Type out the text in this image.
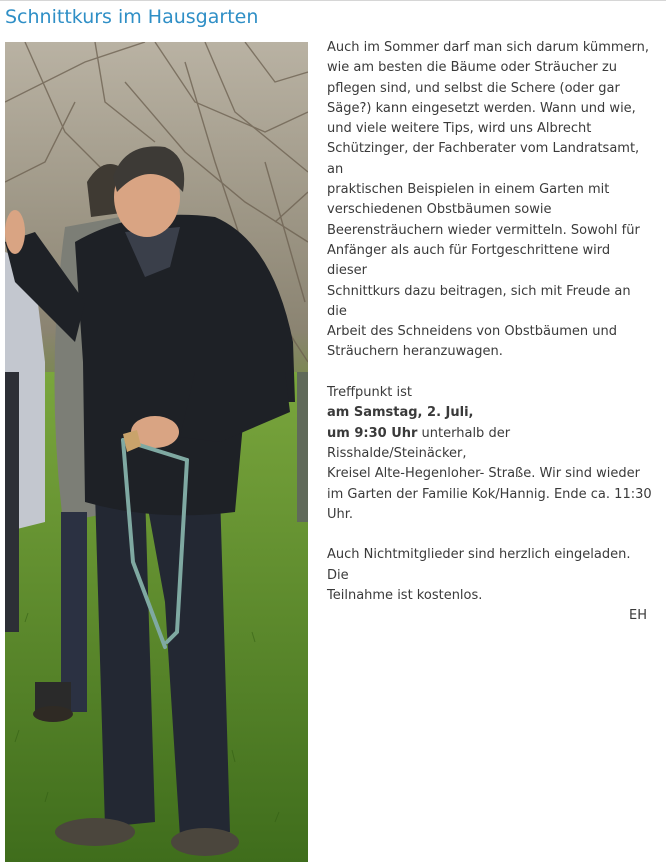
Schnittkurs im Hausgarten

Auch im Sommer darf man sich darum kümmern,
wie am besten die Bäume oder Sträucher zu
pflegen sind, und selbst die Schere (oder gar
Säge?) kann eingesetzt werden. Wann und wie,
und viele weitere Tips, wird uns Albrecht
Schützinger, der Fachberater vom Landratsamt, an
praktischen Beispielen in einem Garten mit
verschiedenen Obstbäumen sowie
Beerensträuchern wieder vermitteln. Sowohl für
Anfänger als auch für Fortgeschrittene wird dieser
Schnittkurs dazu beitragen, sich mit Freude an die
Arbeit des Schneidens von Obstbäumen und
Sträuchern heranzuwagen.

Treffpunkt ist
am Samstag, 2. Juli,
um 9:30 Uhr unterhalb der Risshalde/Steinäcker,
Kreisel Alte-Hegenloher- Straße. Wir sind wieder
im Garten der Familie Kok/Hannig. Ende ca. 11:30
Uhr.

Auch Nichtmitglieder sind herzlich eingeladen. Die
Teilnahme ist kostenlos.

EH
